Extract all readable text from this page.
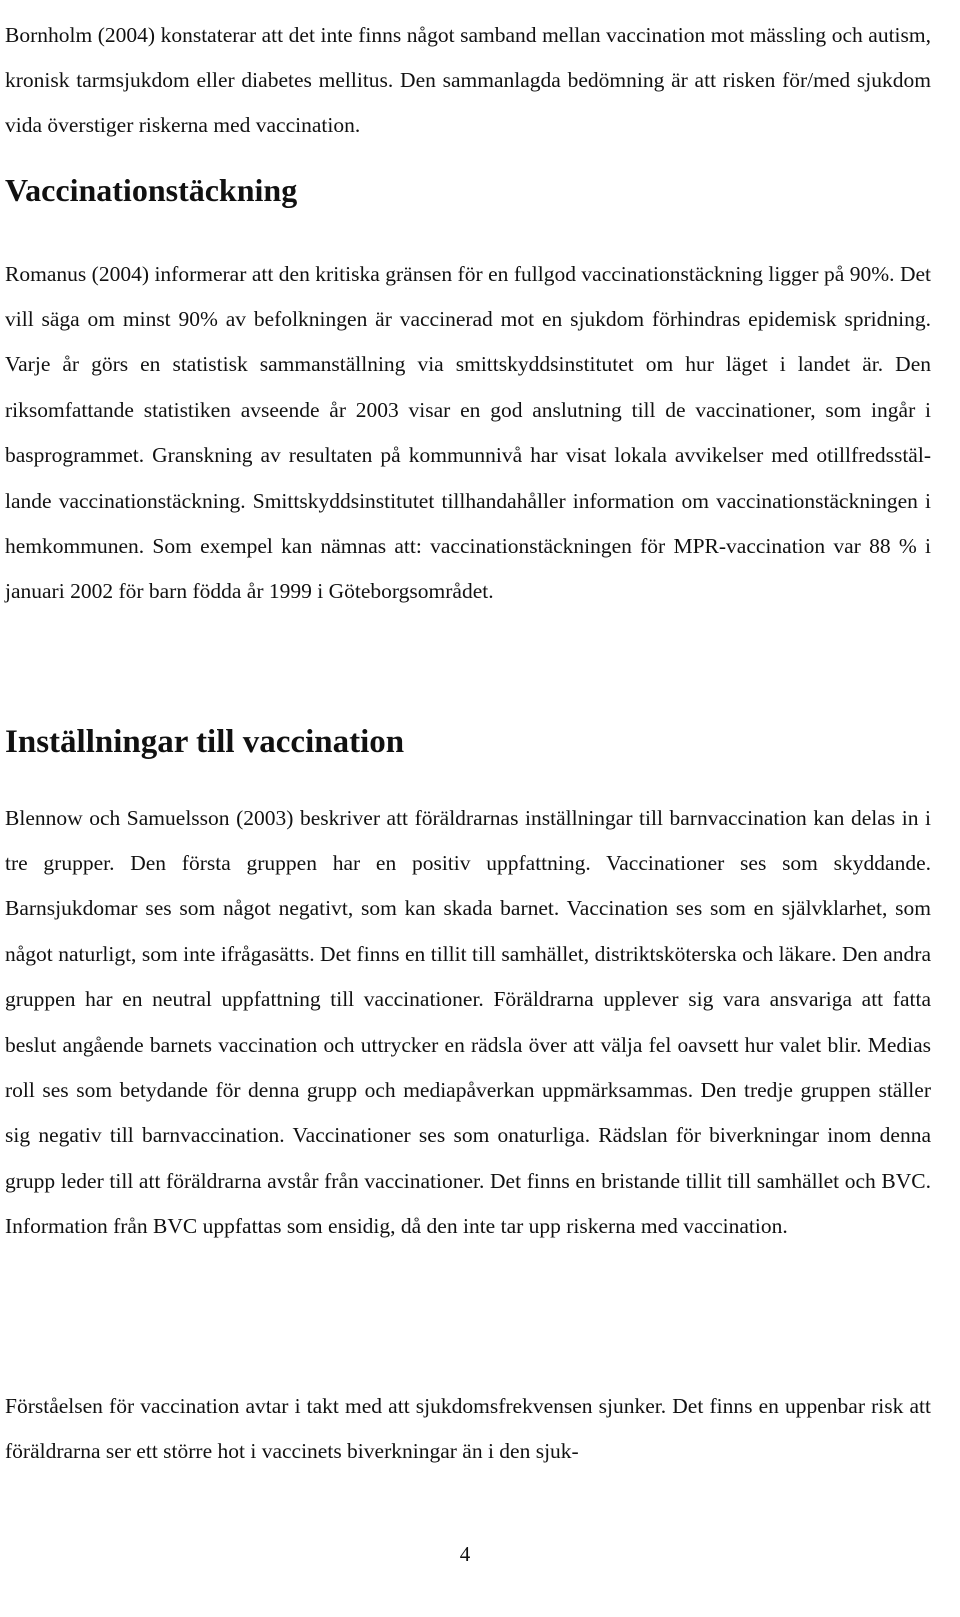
Bornholm (2004) konstaterar att det inte finns något samband mellan vaccination mot mässling och autism, kronisk tarmsjukdom eller diabetes mellitus. Den sammanlagda bedömning är att risken för/med sjukdom vida överstiger riskerna med vaccination.

Vaccinationstäckning

Romanus (2004) informerar att den kritiska gränsen för en fullgod vaccinationstäckning ligger på 90%. Det vill säga om minst 90% av befolkningen är vaccinerad mot en sjukdom förhindras epidemisk spridning. Varje år görs en statistisk sammanställning via smittskyddsinstitutet om hur läget i landet är. Den riksomfattande statistiken avseende år 2003 visar en god anslutning till de vaccinationer, som ingår i basprogrammet. Granskning av resultaten på kommunnivå har visat lokala avvikelser med otillfredsställande vaccinationstäckning. Smittskyddsinstitutet tillhandahåller information om vaccinationstäckningen i hemkommunen. Som exempel kan nämnas att: vaccinationstäckningen för MPR-vaccination var 88 % i januari 2002 för barn födda år 1999 i Göteborgsområdet.

Inställningar till vaccination

Blennow och Samuelsson (2003) beskriver att föräldrarnas inställningar till barnvaccination kan delas in i tre grupper. Den första gruppen har en positiv uppfattning. Vaccinationer ses som skyddande. Barnsjukdomar ses som något negativt, som kan skada barnet. Vaccination ses som en självklarhet, som något naturligt, som inte ifrågasätts. Det finns en tillit till samhället, distriktsköterska och läkare. Den andra gruppen har en neutral uppfattning till vaccinationer. Föräldrarna upplever sig vara ansvariga att fatta beslut angående barnets vaccination och uttrycker en rädsla över att välja fel oavsett hur valet blir. Medias roll ses som betydande för denna grupp och mediapåverkan uppmärksammas. Den tredje gruppen ställer sig negativ till barnvaccination. Vaccinationer ses som onaturliga. Rädslan för biverkningar inom denna grupp leder till att föräldrarna avstår från vaccinationer. Det finns en bristande tillit till samhället och BVC. Information från BVC uppfattas som ensidig, då den inte tar upp riskerna med vaccination.

Förståelsen för vaccination avtar i takt med att sjukdomsfrekvensen sjunker. Det finns en uppenbar risk att föräldrarna ser ett större hot i vaccinets biverkningar än i den sjuk-

4
